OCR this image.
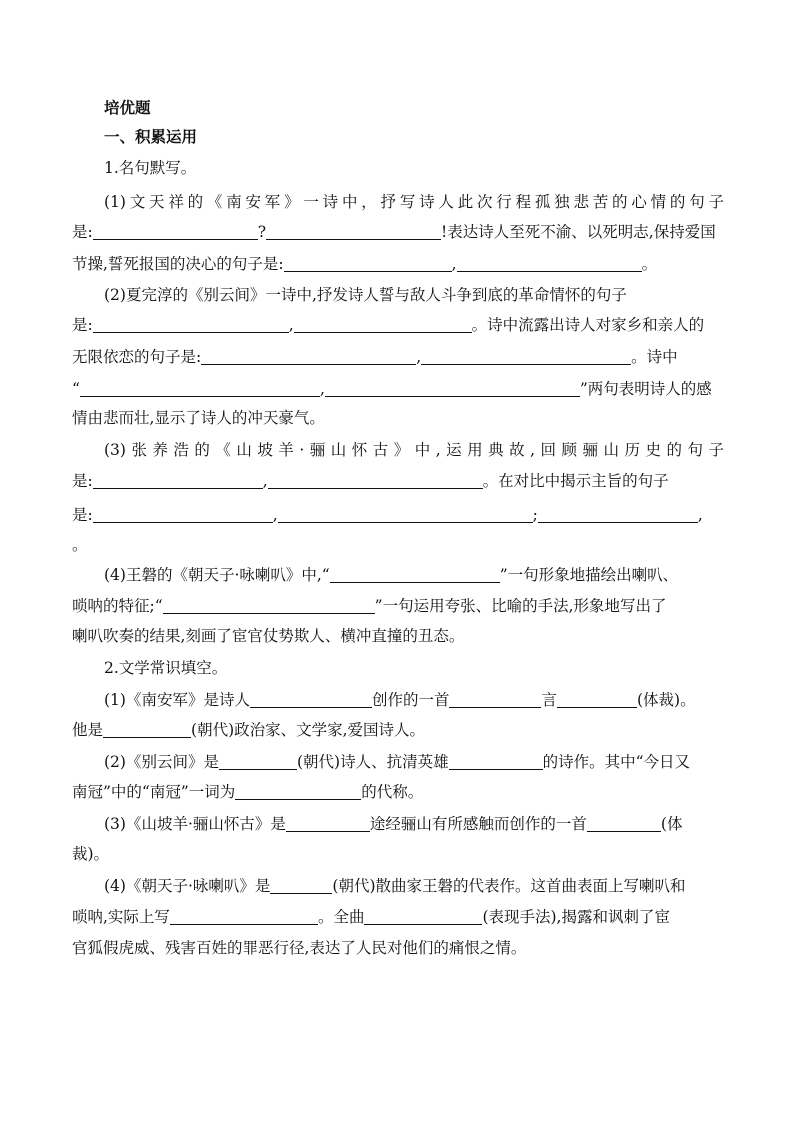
培优题
一、积累运用
1.名句默写。
(1)文天祥的《南安军》一诗中，抒写诗人此次行程孤独悲苦的心情的句子
是:	?	!表达诗人至死不渝、以死明志,保持爱国
节操,誓死报国的决心的句子是:	,	。
(2)夏完淳的《别云间》一诗中,抒发诗人誓与敌人斗争到底的革命情怀的句子
是:	,	。诗中流露出诗人对家乡和亲人的
无限依恋的句子是:	,	。诗中
“	,	”两句表明诗人的感
情由悲而壮,显示了诗人的冲天豪气。
(3)张养浩的《山坡羊·骊山怀古》中,运用典故,回顾骊山历史的句子
是:	,	。在对比中揭示主旨的句子
是:	,	;	,
。
(4)王磐的《朝天子·咏喇叭》中,“	”一句形象地描绘出喇叭、
唢呐的特征;“	”一句运用夸张、比喻的手法,形象地写出了
喇叭吹奏的结果,刻画了宦官仗势欺人、横冲直撞的丑态。
2.文学常识填空。
(1)《南安军》是诗人	创作的一首	言	(体裁)。
他是	(朝代)政治家、文学家,爱国诗人。
(2)《别云间》是	(朝代)诗人、抗清英雄	的诗作。其中“今日又
南冠”中的“南冠”一词为	的代称。
(3)《山坡羊·骊山怀古》是	途经骊山有所感触而创作的一首	(体
裁)。
(4)《朝天子·咏喇叭》是	(朝代)散曲家王磐的代表作。这首曲表面上写喇叭和
唢呐,实际上写	。全曲	(表现手法),揭露和讽刺了宦
官狐假虎威、残害百姓的罪恶行径,表达了人民对他们的痛恨之情。
